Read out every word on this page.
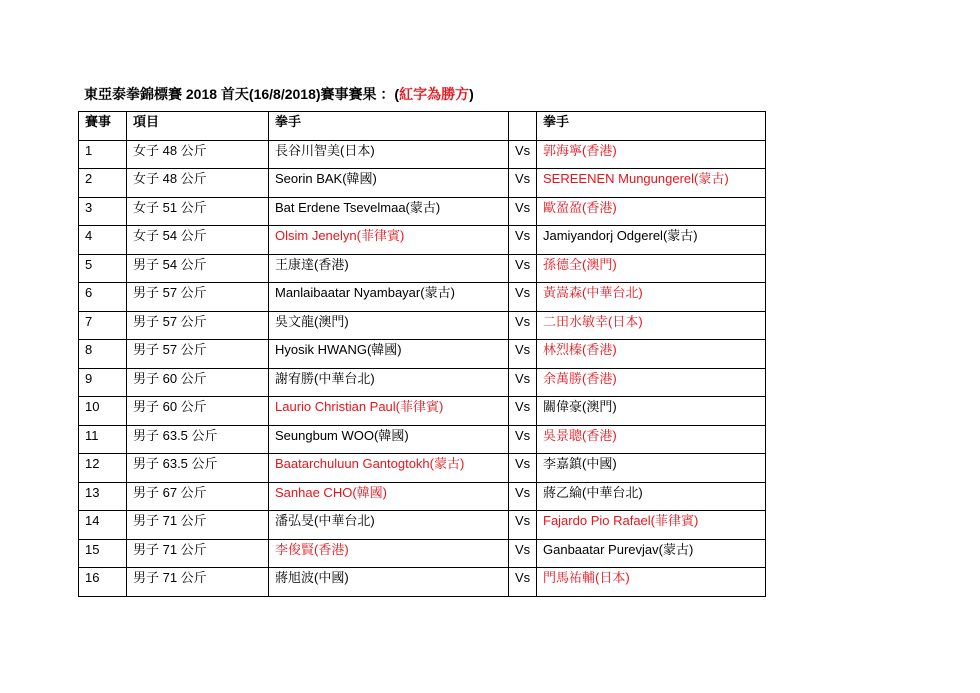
東亞泰拳錦標賽 2018 首天(16/8/2018)賽事賽果 ：(紅字為勝方)
賽事	項目	拳手		拳手
1	女子 48 公斤	長谷川智美(日本)	Vs	郭海寧(香港)
2	女子 48 公斤	Seorin BAK(韓國)	Vs	SEREENEN Mungungerel(蒙古)
3	女子 51 公斤	Bat Erdene Tsevelmaa(蒙古)	Vs	歐盈盈(香港)
4	女子 54 公斤	Olsim Jenelyn(菲律賓)	Vs	Jamiyandorj Odgerel(蒙古)
5	男子 54 公斤	王康達(香港)	Vs	孫德全(澳門)
6	男子 57 公斤	Manlaibaatar Nyambayar(蒙古)	Vs	黃嵩森(中華台北)
7	男子 57 公斤	吳文龍(澳門)	Vs	二田水敏幸(日本)
8	男子 57 公斤	Hyosik HWANG(韓國)	Vs	林烈榛(香港)
9	男子 60 公斤	謝宥勝(中華台北)	Vs	余萬勝(香港)
10	男子 60 公斤	Laurio Christian Paul(菲律賓)	Vs	關偉豪(澳門)
11	男子 63.5 公斤	Seungbum WOO(韓國)	Vs	吳景聰(香港)
12	男子 63.5 公斤	Baatarchuluun Gantogtokh(蒙古)	Vs	李嘉鎮(中國)
13	男子 67 公斤	Sanhae CHO(韓國)	Vs	蔣乙綸(中華台北)
14	男子 71 公斤	潘弘旻(中華台北)	Vs	Fajardo Pio Rafael(菲律賓)
15	男子 71 公斤	李俊賢(香港)	Vs	Ganbaatar Purevjav(蒙古)
16	男子 71 公斤	蔣旭波(中國)	Vs	門馬祐輔(日本)
